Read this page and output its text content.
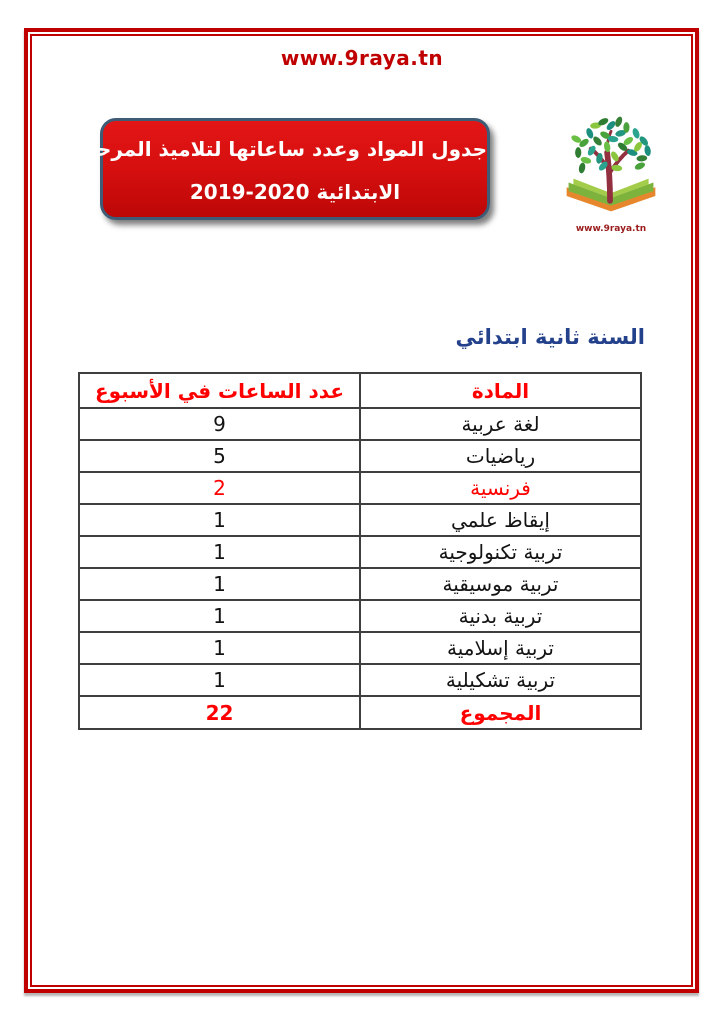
www.9raya.tn
جدول المواد وعدد ساعاتها لتلاميذ المرحلة
الابتدائية 2020-2019
www.9raya.tn
السنة ثانية ابتدائي
المادة	عدد الساعات في الأسبوع
لغة عربية	9
رياضيات	5
فرنسية	2
إيقاظ علمي	1
تربية تكنولوجية	1
تربية موسيقية	1
تربية بدنية	1
تربية إسلامية	1
تربية تشكيلية	1
المجموع	22
